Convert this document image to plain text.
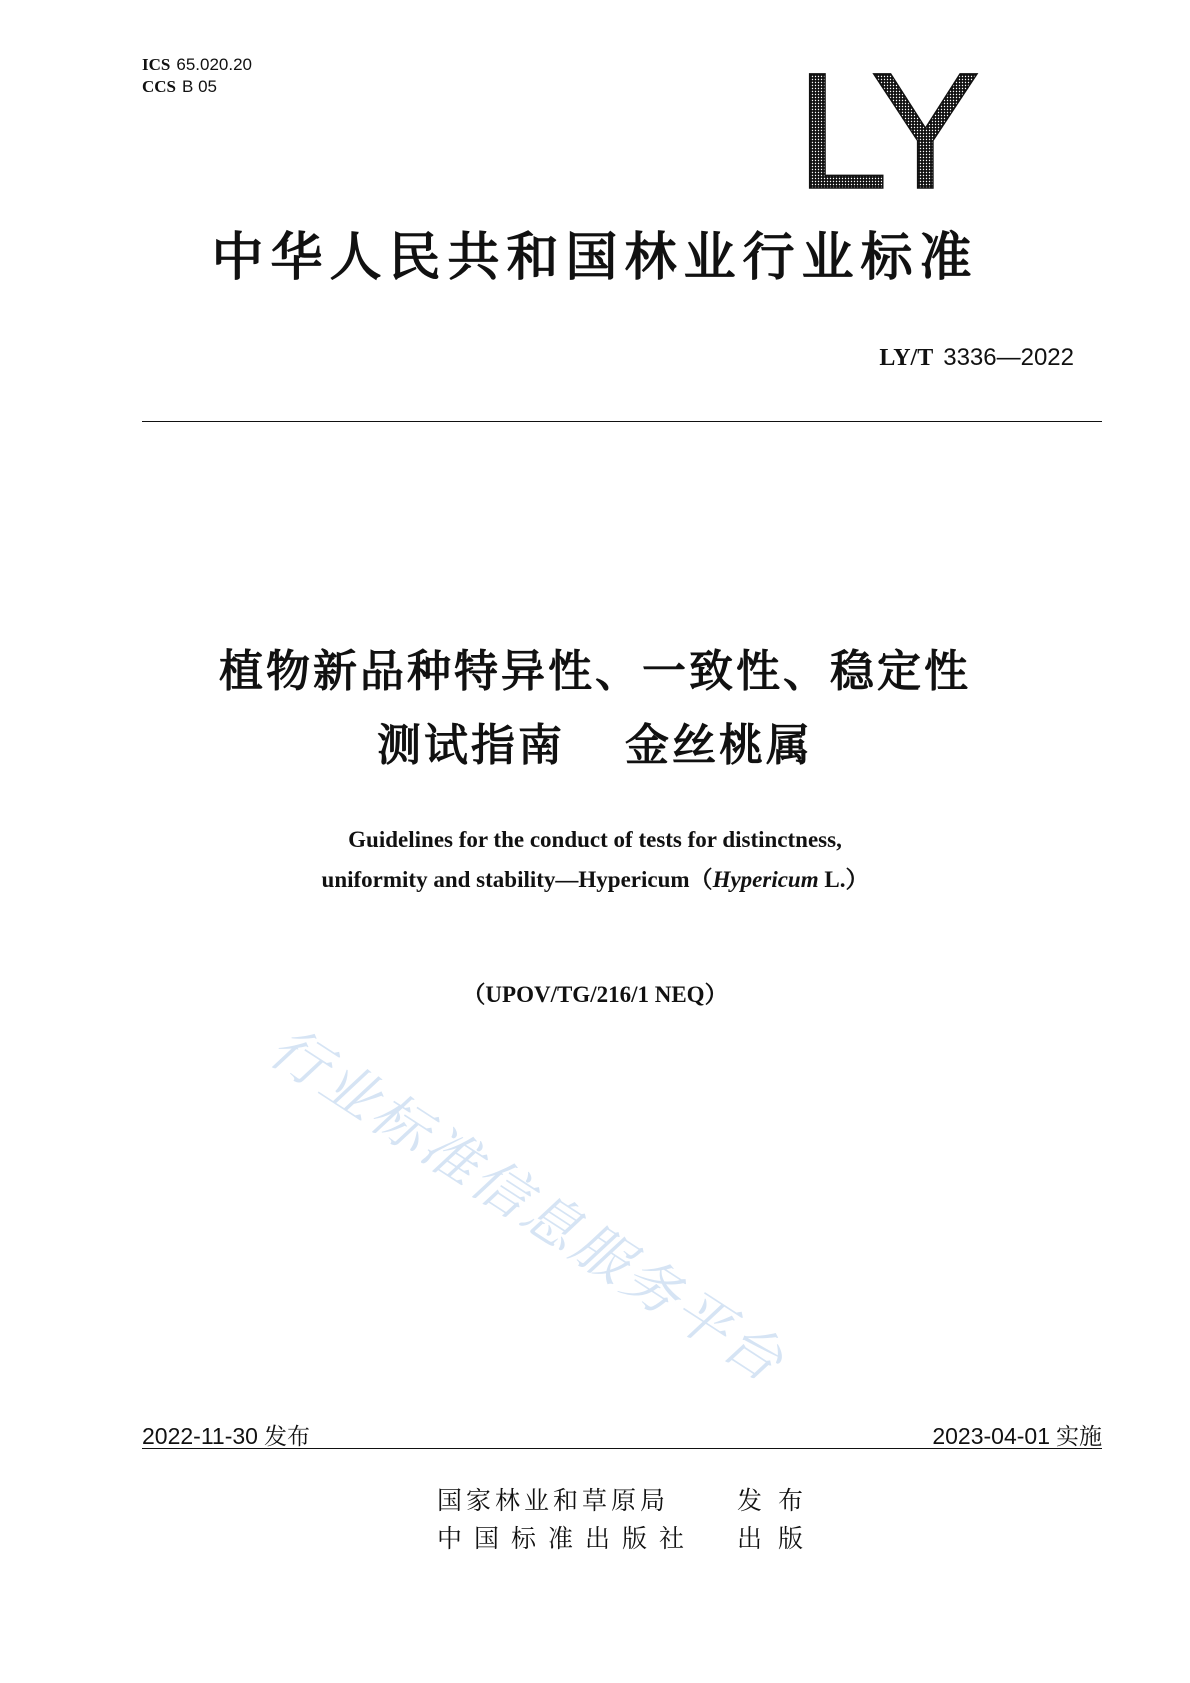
ICS 65.020.20
CCS B 05	LY
中华人民共和国林业行业标准
LY/T 3336—2022
植物新品种特异性、一致性、稳定性
测试指南 金丝桃属
Guidelines for the conduct of tests for distinctness,
uniformity and stability—Hypericum（Hypericum L.）
（UPOV/TG/216/1 NEQ）
行业标准信息服务平台
2022-11-30 发布	2023-04-01 实施
国家林业和草原局	发布
中国标准出版社 出版
